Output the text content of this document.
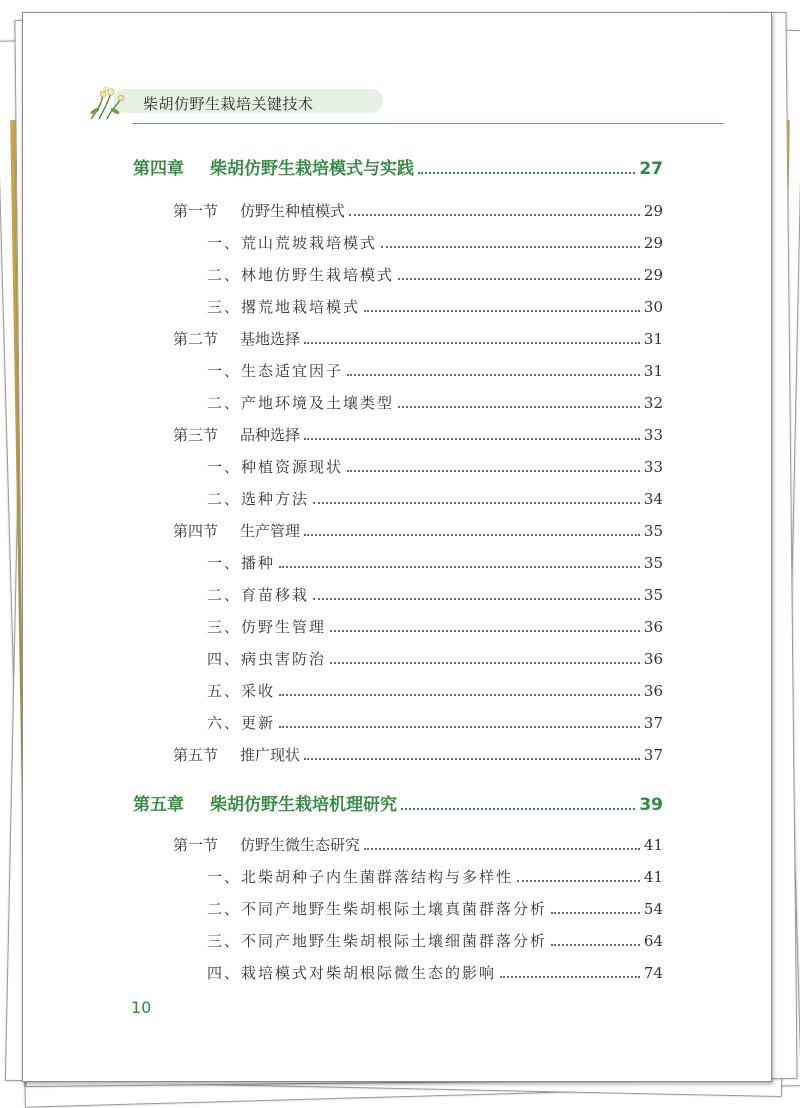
柴胡仿野生栽培关键技术
第四章 柴胡仿野生栽培模式与实践	27
第一节 仿野生种植模式	29
一、荒山荒坡栽培模式	29
二、林地仿野生栽培模式	29
三、撂荒地栽培模式	30
第二节 基地选择	31
一、生态适宜因子	31
二、产地环境及土壤类型	32
第三节 品种选择	33
一、种植资源现状	33
二、选种方法	34
第四节 生产管理	35
一、播种	35
二、育苗移栽	35
三、仿野生管理	36
四、病虫害防治	36
五、采收	36
六、更新	37
第五节 推广现状	37
第五章 柴胡仿野生栽培机理研究	39
第一节 仿野生微生态研究	41
一、北柴胡种子内生菌群落结构与多样性	41
二、不同产地野生柴胡根际土壤真菌群落分析	54
三、不同产地野生柴胡根际土壤细菌群落分析	64
四、栽培模式对柴胡根际微生态的影响	74
10
